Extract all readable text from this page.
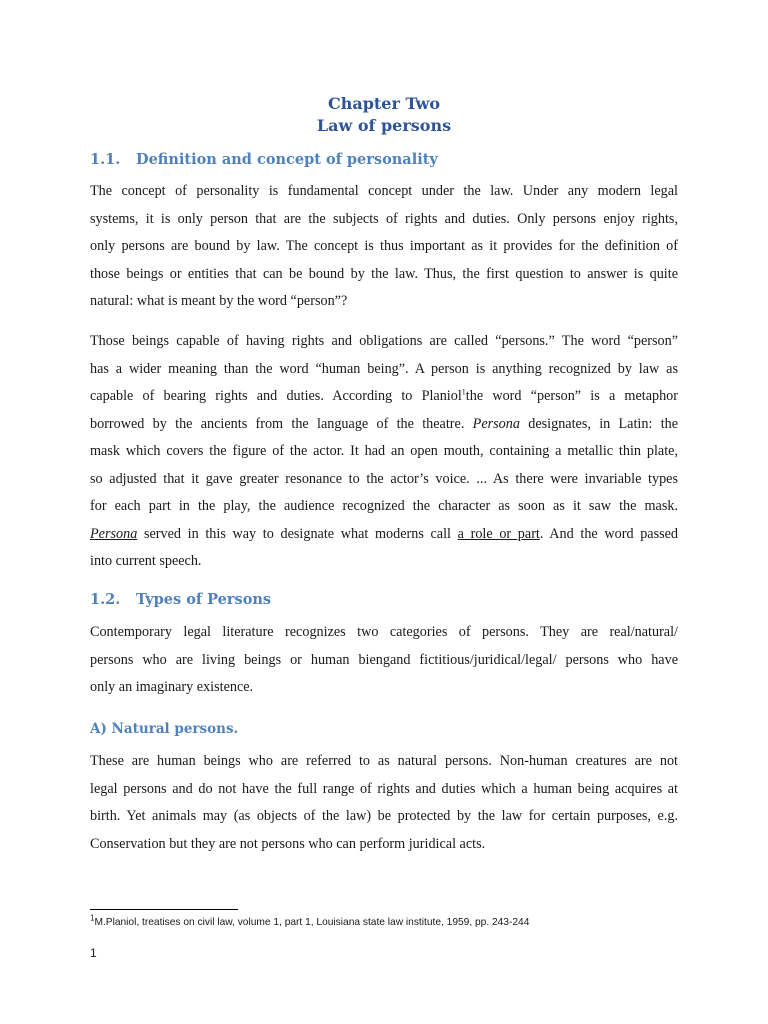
Chapter Two
Law of persons
1.1. Definition and concept of personality
The concept of personality is fundamental concept under the law. Under any modern legal
systems, it is only person that are the subjects of rights and duties. Only persons enjoy rights,
only persons are bound by law. The concept is thus important as it provides for the definition of
those beings or entities that can be bound by the law. Thus, the first question to answer is quite
natural: what is meant by the word “person”?
Those beings capable of having rights and obligations are called “persons.” The word “person”
has a wider meaning than the word “human being”. A person is anything recognized by law as
capable of bearing rights and duties. According to Planiol$^1$the word “person” is a metaphor
borrowed by the ancients from the language of the theatre. Persona designates, in Latin: the
mask which covers the figure of the actor. It had an open mouth, containing a metallic thin plate,
so adjusted that it gave greater resonance to the actor’s voice. ... As there were invariable types
for each part in the play, the audience recognized the character as soon as it saw the mask.
Persona served in this way to designate what moderns call a role or part. And the word passed
into current speech.
1.2. Types of Persons
Contemporary legal literature recognizes two categories of persons. They are real/natural/
persons who are living beings or human biengand fictitious/juridical/legal/ persons who have
only an imaginary existence.
A) Natural persons.
These are human beings who are referred to as natural persons. Non-human creatures are not
legal persons and do not have the full range of rights and duties which a human being acquires at
birth. Yet animals may (as objects of the law) be protected by the law for certain purposes, e.g.
Conservation but they are not persons who can perform juridical acts.
$^1$M.Planiol, treatises on civil law, volume 1, part 1, Louisiana state law institute, 1959, pp. 243-244
1
